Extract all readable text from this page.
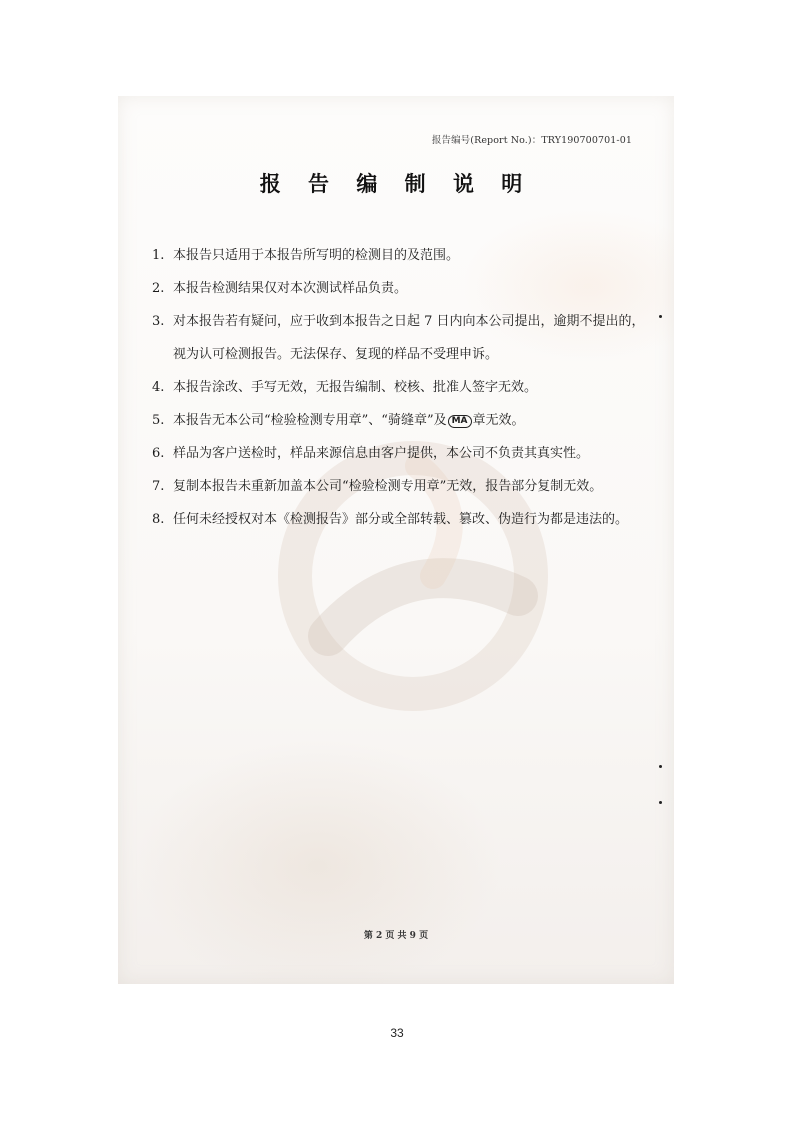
报告编号(Report No.)：TRY190700701-01
报 告 编 制 说 明
1. 本报告只适用于本报告所写明的检测目的及范围。
2. 本报告检测结果仅对本次测试样品负责。
3. 对本报告若有疑问，应于收到本报告之日起 7 日内向本公司提出，逾期不提出的，
视为认可检测报告。无法保存、复现的样品不受理申诉。
4. 本报告涂改、手写无效，无报告编制、校核、批准人签字无效。
5. 本报告无本公司“检验检测专用章”、“骑缝章”及 MA 章无效。
6. 样品为客户送检时，样品来源信息由客户提供，本公司不负责其真实性。
7. 复制本报告未重新加盖本公司“检验检测专用章”无效，报告部分复制无效。
8. 任何未经授权对本《检测报告》部分或全部转载、篡改、伪造行为都是违法的。
第 2 页 共 9 页
33
